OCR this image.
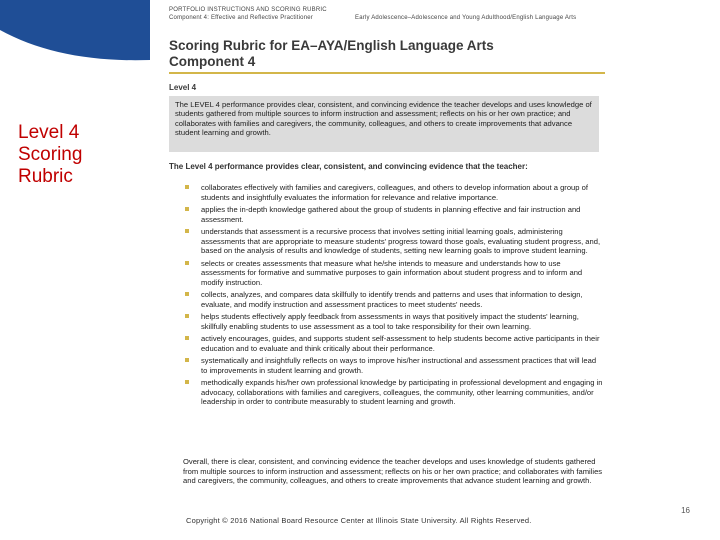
Level 4
Scoring
Rubric
PORTFOLIO INSTRUCTIONS AND SCORING RUBRIC
Component 4: Effective and Reflective Practitioner	Early Adolescence–Adolescence and Young Adulthood/English Language Arts
Scoring Rubric for EA–AYA/English Language Arts
Component 4
Level 4
The LEVEL 4 performance provides clear, consistent, and convincing evidence the teacher develops and uses knowledge of students gathered from multiple sources to inform instruction and assessment; reflects on his or her own practice; and collaborates with families and caregivers, the community, colleagues, and others to create improvements that advance student learning and growth.
The Level 4 performance provides clear, consistent, and convincing evidence that the teacher:
collaborates effectively with families and caregivers, colleagues, and others to develop information about a group of students and insightfully evaluates the information for relevance and relative importance.
applies the in-depth knowledge gathered about the group of students in planning effective and fair instruction and assessment.
understands that assessment is a recursive process that involves setting initial learning goals, administering assessments that are appropriate to measure students' progress toward those goals, evaluating student progress, and, based on the analysis of results and knowledge of students, setting new learning goals to improve student learning.
selects or creates assessments that measure what he/she intends to measure and understands how to use assessments for formative and summative purposes to gain information about student progress and to inform and modify instruction.
collects, analyzes, and compares data skillfully to identify trends and patterns and uses that information to design, evaluate, and modify instruction and assessment practices to meet students' needs.
helps students effectively apply feedback from assessments in ways that positively impact the students' learning, skillfully enabling students to use assessment as a tool to take responsibility for their own learning.
actively encourages, guides, and supports student self-assessment to help students become active participants in their education and to evaluate and think critically about their performance.
systematically and insightfully reflects on ways to improve his/her instructional and assessment practices that will lead to improvements in student learning and growth.
methodically expands his/her own professional knowledge by participating in professional development and engaging in advocacy, collaborations with families and caregivers, colleagues, the community, other learning communities, and/or leadership in order to contribute measurably to student learning and growth.
Overall, there is clear, consistent, and convincing evidence the teacher develops and uses knowledge of students gathered from multiple sources to inform instruction and assessment; reflects on his or her own practice; and collaborates with families and caregivers, the community, colleagues, and others to create improvements that advance student learning and growth.
16
Copyright © 2016 National Board Resource Center at Illinois State University. All Rights Reserved.
